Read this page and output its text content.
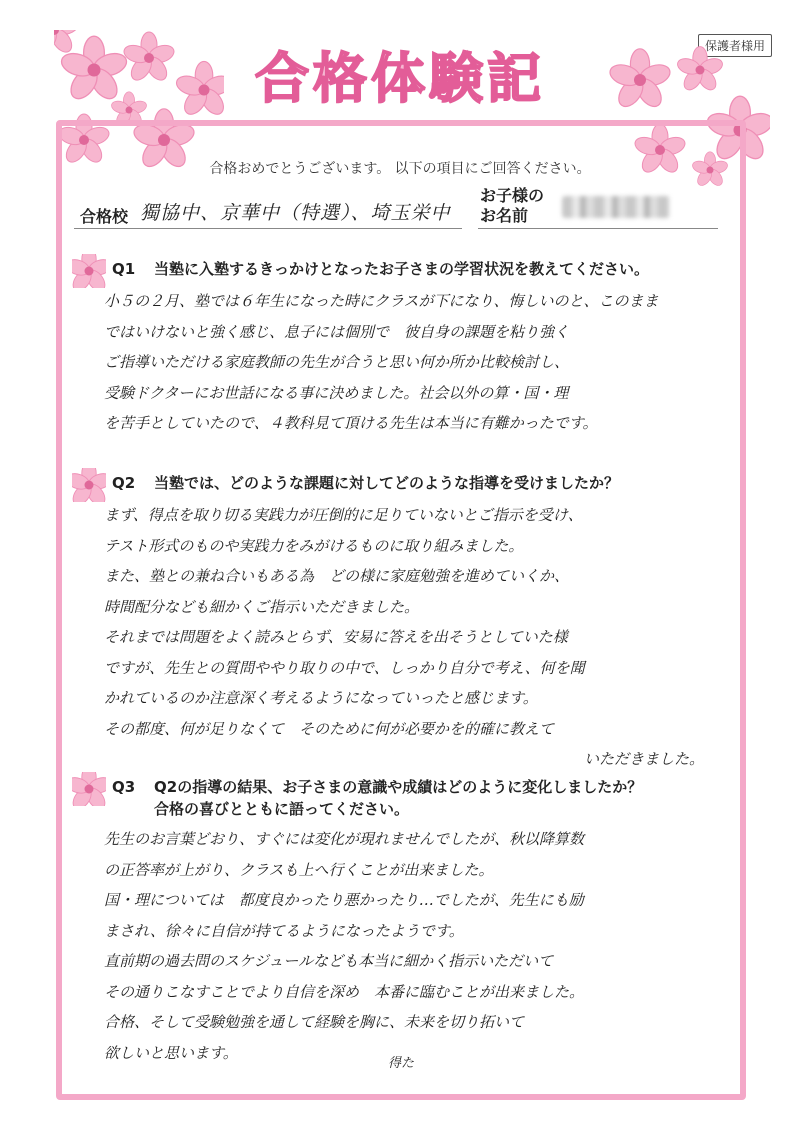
保護者様用
合格体験記
合格おめでとうございます。 以下の項目にご回答ください。
合格校 獨協中、京華中（特選）、埼玉栄中
お子様の
お名前
Q1 当塾に入塾するきっかけとなったお子さまの学習状況を教えてください。
小５の２月、塾では６年生になった時にクラスが下になり、悔しいのと、このまま
ではいけないと強く感じ、息子には個別で　彼自身の課題を粘り強く
ご指導いただける家庭教師の先生が合うと思い何か所か比較検討し、
受験ドクターにお世話になる事に決めました。社会以外の算・国・理
を苦手としていたので、４教科見て頂ける先生は本当に有難かったです。
Q2 当塾では、どのような課題に対してどのような指導を受けましたか？
まず、得点を取り切る実践力が圧倒的に足りていないとご指示を受け、
テスト形式のものや実践力をみがけるものに取り組みました。
また、塾との兼ね合いもある為　どの様に家庭勉強を進めていくか、
時間配分なども細かくご指示いただきました。
それまでは問題をよく読みとらず、安易に答えを出そうとしていた様
ですが、先生との質問ややり取りの中で、しっかり自分で考え、何を聞
かれているのか注意深く考えるようになっていったと感じます。
その都度、何が足りなくて　そのために何が必要かを的確に教えて
いただきました。
Q3 Q2の指導の結果、お子さまの意識や成績はどのように変化しましたか？
合格の喜びとともに語ってください。
先生のお言葉どおり、すぐには変化が現れませんでしたが、秋以降算数
の正答率が上がり、クラスも上へ行くことが出来ました。
国・理については　都度良かったり悪かったり…でしたが、先生にも励
まされ、徐々に自信が持てるようになったようです。
直前期の過去問のスケジュールなども本当に細かく指示いただいて
その通りこなすことでより自信を深め　本番に臨むことが出来ました。
合格、そして受験勉強を通して経験を胸に、未来を切り拓いて
欲しいと思います。
得た
